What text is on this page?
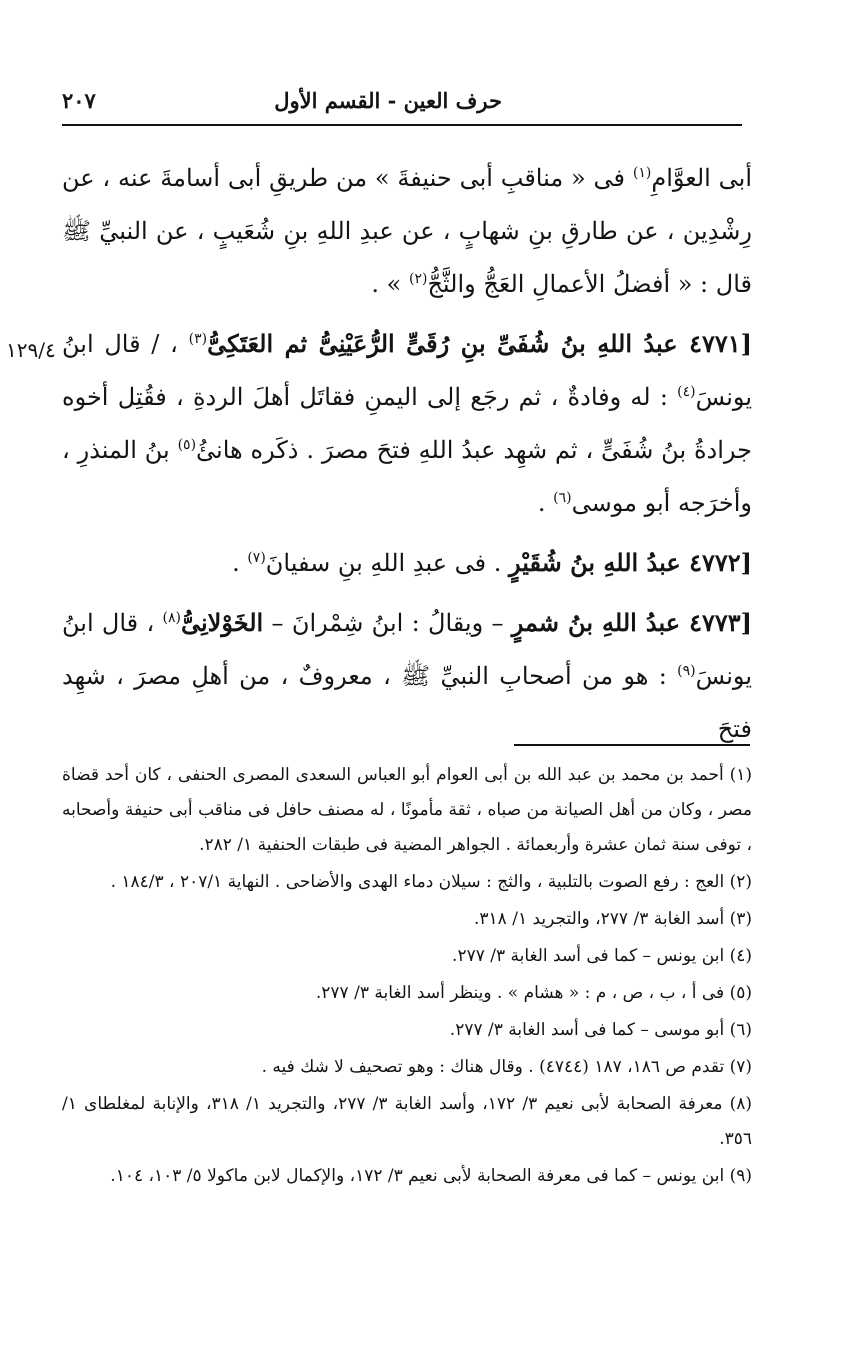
حرف العين - القسم الأول
٢٠٧
١٢٩/٤

أبى العوَّامِ$^{(١)}$ فى « مناقبِ أبى حنيفةَ » من طريقِ أبى أسامةَ عنه ، عن رِشْدِين ، عن طارقِ بنِ شهابٍ ، عن عبدِ اللهِ بنِ شُعَيبٍ ، عن النبيِّ ﷺ قال : « أفضلُ الأعمالِ العَجُّ والثَّجُّ$^{(٢)}$ » .

[٤٧٧١ عبدُ اللهِ بنُ شُفَىِّ بنِ رُقَىٍّ الرُّعَيْنِىُّ ثم العَتَكِىُّ$^{(٣)}$ ، / قال ابنُ يونسَ$^{(٤)}$ : له وفادةٌ ، ثم رجَع إلى اليمنِ فقاتَل أهلَ الردةِ ، فقُتِل أخوه جرادةُ بنُ شُفَىٍّ ، ثم شهِد عبدُ اللهِ فتحَ مصرَ . ذكَره هانئُ$^{(٥)}$ بنُ المنذرِ ، وأخرَجه أبو موسى$^{(٦)}$ .

[٤٧٧٢ عبدُ اللهِ بنُ شُقَيْرٍ . فى عبدِ اللهِ بنِ سفيانَ$^{(٧)}$ .

[٤٧٧٣ عبدُ اللهِ بنُ شمرٍ – ويقالُ : ابنُ شِمْرانَ – الخَوْلانِىُّ$^{(٨)}$ ، قال ابنُ يونسَ$^{(٩)}$ : هو من أصحابِ النبيِّ ﷺ ، معروفٌ ، من أهلِ مصرَ ، شهِد فتحَ

(١) أحمد بن محمد بن عبد الله بن أبى العوام أبو العباس السعدى المصرى الحنفى ، كان أحد قضاة مصر ، وكان من أهل الصيانة من صباه ، ثقة مأمونًا ، له مصنف حافل فى مناقب أبى حنيفة وأصحابه ، توفى سنة ثمان عشرة وأربعمائة . الجواهر المضية فى طبقات الحنفية ١/ ٢٨٢.

(٢) العج : رفع الصوت بالتلبية ، والثج : سيلان دماء الهدى والأضاحى . النهاية ٢٠٧/١ ، ١٨٤/٣ .

(٣) أسد الغابة ٣/ ٢٧٧، والتجريد ١/ ٣١٨.

(٤) ابن يونس – كما فى أسد الغابة ٣/ ٢٧٧.

(٥) فى أ ، ب ، ص ، م : « هشام » . وينظر أسد الغابة ٣/ ٢٧٧.

(٦) أبو موسى – كما فى أسد الغابة ٣/ ٢٧٧.

(٧) تقدم ص ١٨٦، ١٨٧ (٤٧٤٤) . وقال هناك : وهو تصحيف لا شك فيه .

(٨) معرفة الصحابة لأبى نعيم ٣/ ١٧٢، وأسد الغابة ٣/ ٢٧٧، والتجريد ١/ ٣١٨، والإنابة لمغلطاى ١/ ٣٥٦.

(٩) ابن يونس – كما فى معرفة الصحابة لأبى نعيم ٣/ ١٧٢، والإكمال لابن ماكولا ٥/ ١٠٣، ١٠٤.
